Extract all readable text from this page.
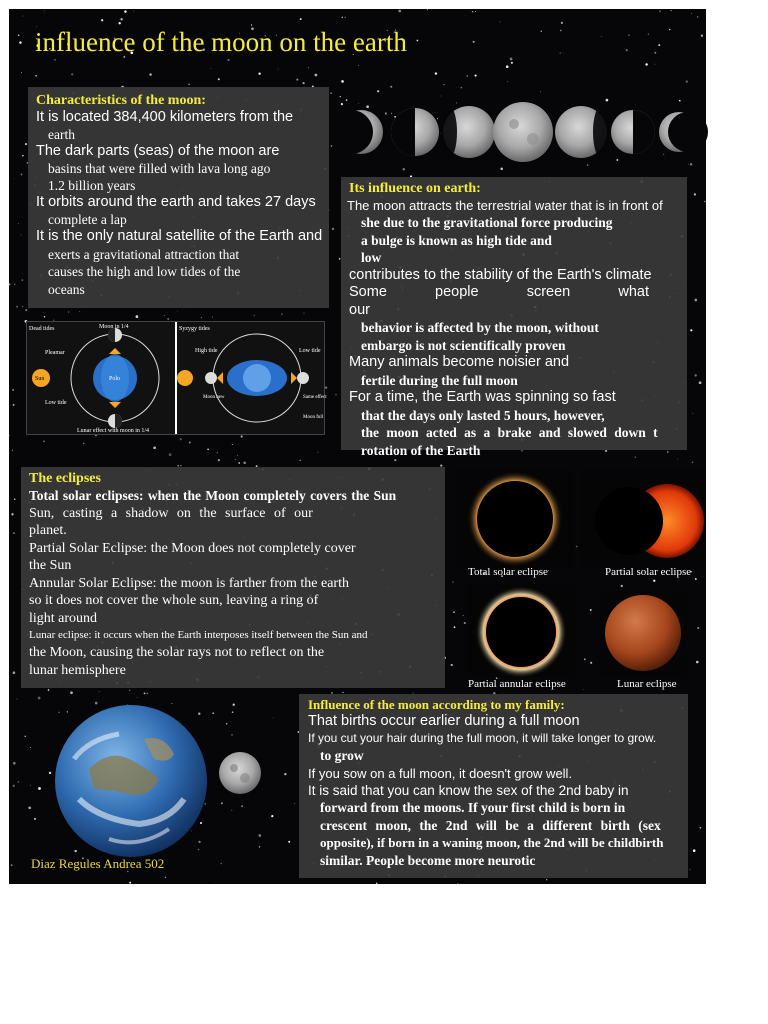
influence of the moon on the earth
Characteristics of the moon:
It is located 384,400 kilometers from the
earth
The dark parts (seas) of the moon are
basins that were filled with lava long ago
1.2 billion years
It orbits around the earth and takes 27 days
complete a lap
It is the only natural satellite of the Earth and
exerts a gravitational attraction that
causes the high and low tides of the
oceans
Dead tides	Moon in 1/4
Pleamar
Sun
Low tide
Polo
Lunar effect with moon in 1/4
Syzygy tides
High tide	Low tide
Moon new	Same effect
Moon full
Its influence on earth:
The moon attracts the terrestrial water that is in front of
she due to the gravitational force producing
a bulge is known as high tide and
low
contributes to the stability of the Earth's climate
Some people screen what our
behavior is affected by the moon, without
embargo is not scientifically proven
Many animals become noisier and
fertile during the full moon
For a time, the Earth was spinning so fast
that the days only lasted 5 hours, however,
the moon acted as a brake and slowed down t
rotation of the Earth
The eclipses
Total solar eclipses: when the Moon completely covers the Sun
Sun, casting a shadow on the surface of our
planet.
Partial Solar Eclipse: the Moon does not completely cover
the Sun
Annular Solar Eclipse: the moon is farther from the earth
so it does not cover the whole sun, leaving a ring of
light around
Lunar eclipse: it occurs when the Earth interposes itself between the Sun and
the Moon, causing the solar rays not to reflect on the
lunar hemisphere
Total solar eclipse	Partial solar eclipse
Partial annular eclipse	Lunar eclipse
Diaz Regules Andrea 502
Influence of the moon according to my family:
That births occur earlier during a full moon
If you cut your hair during the full moon, it will take longer to grow.
to grow
If you sow on a full moon, it doesn't grow well.
It is said that you can know the sex of the 2nd baby in
forward from the moons. If your first child is born in
crescent moon, the 2nd will be a different birth (sex
opposite), if born in a waning moon, the 2nd will be childbirth
similar. People become more neurotic
